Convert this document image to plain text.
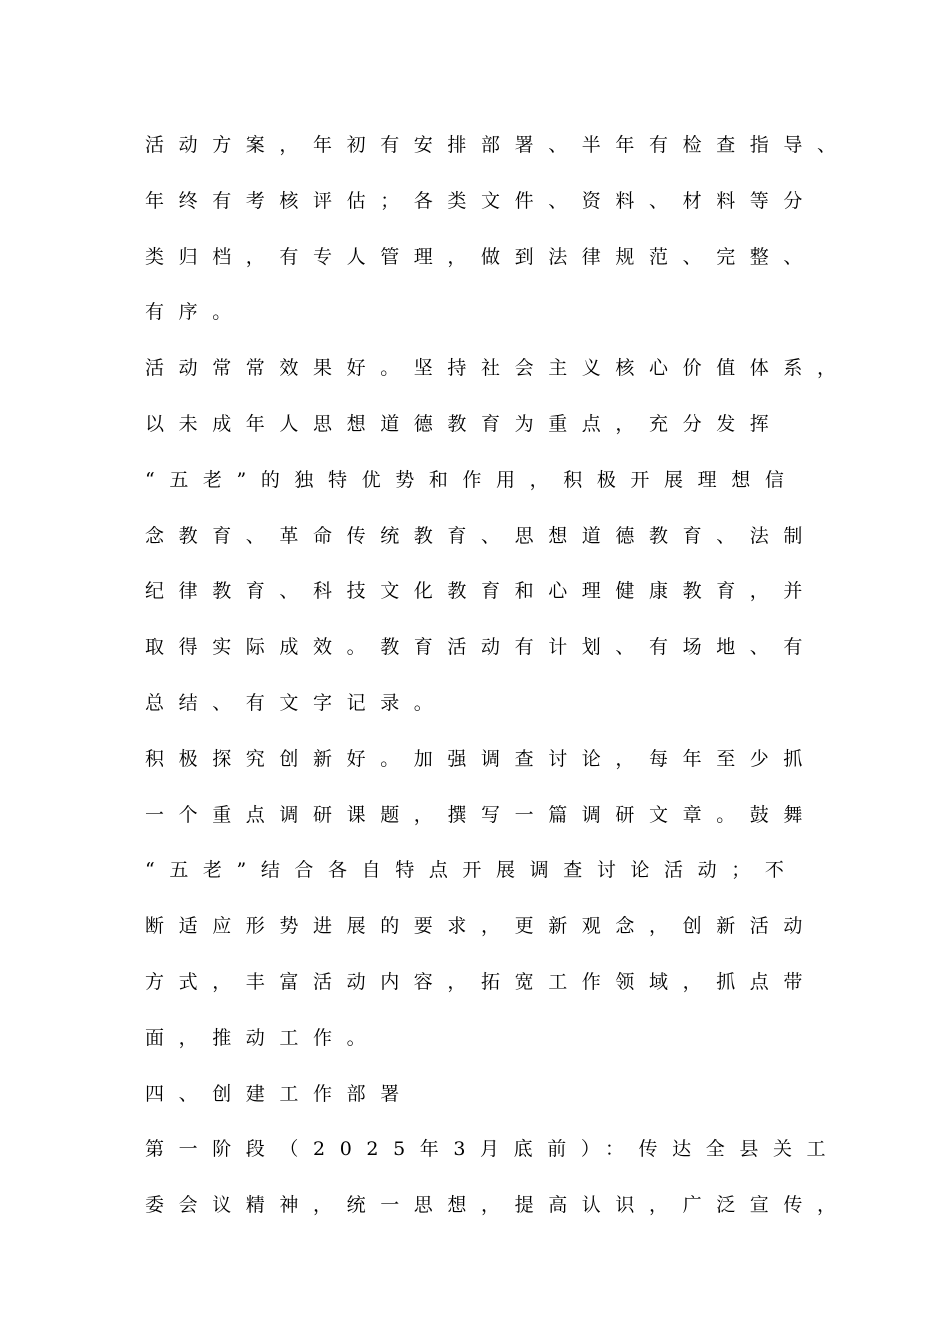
活动方案，年初有安排部署、半年有检查指导、
年终有考核评估；各类文件、资料、材料等分
类归档，有专人管理，做到法律规范、完整、
有序。
活动常常效果好。坚持社会主义核心价值体系，
以未成年人思想道德教育为重点，充分发挥
“五老”的独特优势和作用，积极开展理想信
念教育、革命传统教育、思想道德教育、法制
纪律教育、科技文化教育和心理健康教育，并
取得实际成效。教育活动有计划、有场地、有
总结、有文字记录。
积极探究创新好。加强调查讨论，每年至少抓
一个重点调研课题，撰写一篇调研文章。鼓舞
“五老”结合各自特点开展调查讨论活动；不
断适应形势进展的要求，更新观念，创新活动
方式，丰富活动内容，拓宽工作领域，抓点带
面，推动工作。
四、创建工作部署
第一阶段（2025年3月底前）：传达全县关工
委会议精神，统一思想，提高认识，广泛宣传，
